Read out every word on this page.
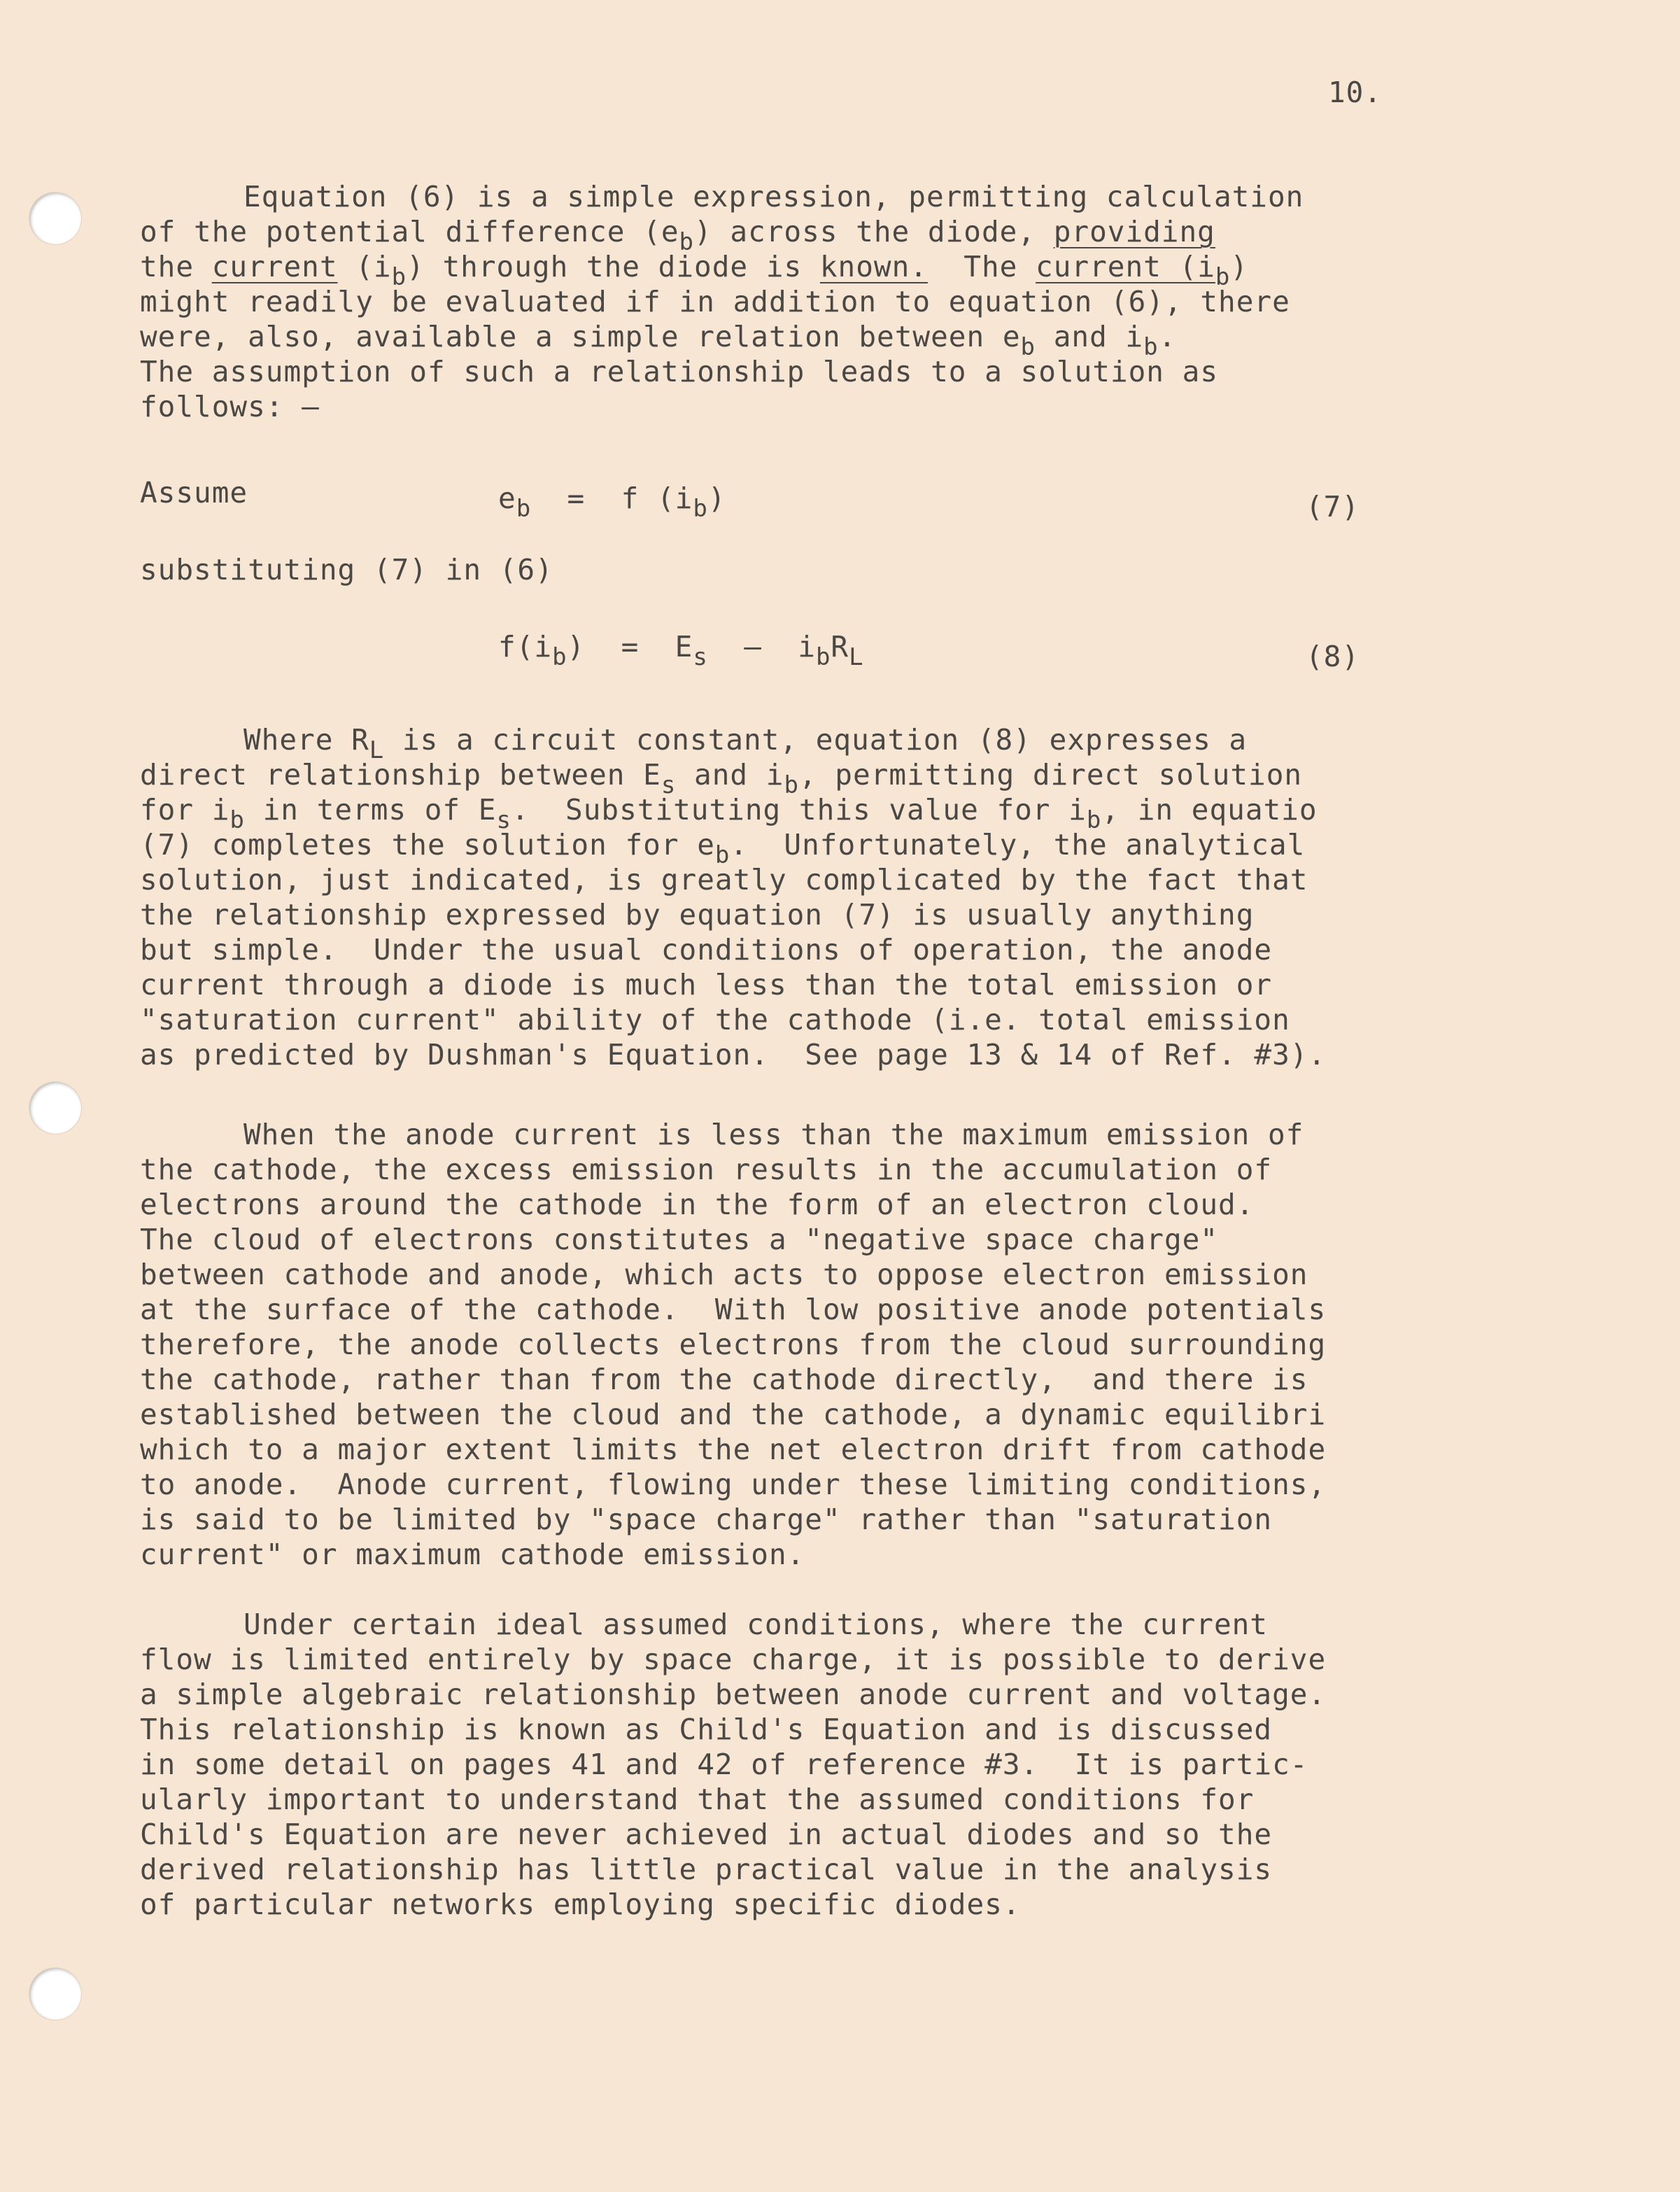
10.
Equation (6) is a simple expression, permitting calculation
of the potential difference $(e_b)$ across the diode, providing
the current $(i_b)$ through the diode is known.  The current $(i_b)$
might readily be evaluated if in addition to equation (6), there
were, also, available a simple relation between $e_b$ and $i_b$.
The assumption of such a relationship leads to a solution as
follows: —
Assume	$e_b = f$ $(i_b)$	(7)
substituting (7) in (6)
$f(i_b) = E_s$  —  $i_bR_L$	(8)
Where $R_L$ is a circuit constant, equation (8) expresses a
direct relationship between $E_s$ and $i_b$, permitting direct solution
for $i_b$ in terms of $E_s$.  Substituting this value for $i_b$, in equatio
(7) completes the solution for $e_b$.  Unfortunately, the analytical
solution, just indicated, is greatly complicated by the fact that
the relationship expressed by equation (7) is usually anything
but simple.  Under the usual conditions of operation, the anode
current through a diode is much less than the total emission or
"saturation current" ability of the cathode (i.e. total emission
as predicted by Dushman's Equation.  See page 13 & 14 of Ref. #3).
When the anode current is less than the maximum emission of
the cathode, the excess emission results in the accumulation of
electrons around the cathode in the form of an electron cloud.
The cloud of electrons constitutes a "negative space charge"
between cathode and anode, which acts to oppose electron emission
at the surface of the cathode.  With low positive anode potentials
therefore, the anode collects electrons from the cloud surrounding
the cathode, rather than from the cathode directly,  and there is
established between the cloud and the cathode, a dynamic equilibri
which to a major extent limits the net electron drift from cathode
to anode.  Anode current, flowing under these limiting conditions,
is said to be limited by "space charge" rather than "saturation
current" or maximum cathode emission.
Under certain ideal assumed conditions, where the current
flow is limited entirely by space charge, it is possible to derive
a simple algebraic relationship between anode current and voltage.
This relationship is known as Child's Equation and is discussed
in some detail on pages 41 and 42 of reference #3.  It is partic-
ularly important to understand that the assumed conditions for
Child's Equation are never achieved in actual diodes and so the
derived relationship has little practical value in the analysis
of particular networks employing specific diodes.
